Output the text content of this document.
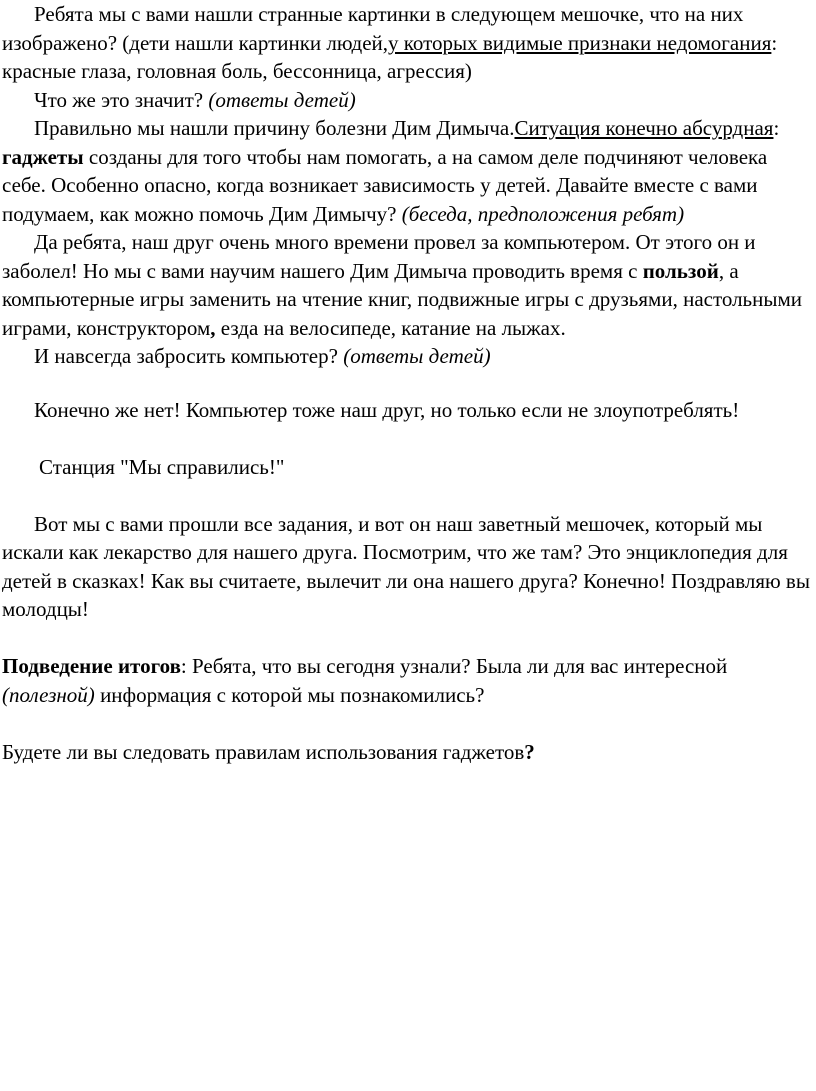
Ребята мы с вами нашли странные картинки в следующем мешочке, что на них изображено? (дети нашли картинки людей,у которых видимые признаки недомогания: красные глаза, головная боль, бессонница, агрессия)

Что же это значит? (ответы детей)

Правильно мы нашли причину болезни Дим Димыча.Ситуация конечно абсурдная: гаджеты созданы для того чтобы нам помогать, а на самом деле подчиняют человека себе. Особенно опасно, когда возникает зависимость у детей. Давайте вместе с вами подумаем, как можно помочь Дим Димычу? (беседа, предположения ребят)

Да ребята, наш друг очень много времени провел за компьютером. От этого он и заболел! Но мы с вами научим нашего Дим Димыча проводить время с пользой, а компьютерные игры заменить на чтение книг, подвижные игры с друзьями, настольными играми, конструктором, езда на велосипеде, катание на лыжах.

И навсегда забросить компьютер? (ответы детей)

Конечно же нет! Компьютер тоже наш друг, но только если не злоупотреблять!

Станция "Мы справились!"

Вот мы с вами прошли все задания, и вот он наш заветный мешочек, который мы искали как лекарство для нашего друга. Посмотрим, что же там? Это энциклопедия для детей в сказках! Как вы считаете, вылечит ли она нашего друга? Конечно! Поздравляю вы молодцы!

Подведение итогов: Ребята, что вы сегодня узнали? Была ли для вас интересной (полезной) информация с которой мы познакомились?

Будете ли вы следовать правилам использования гаджетов?
